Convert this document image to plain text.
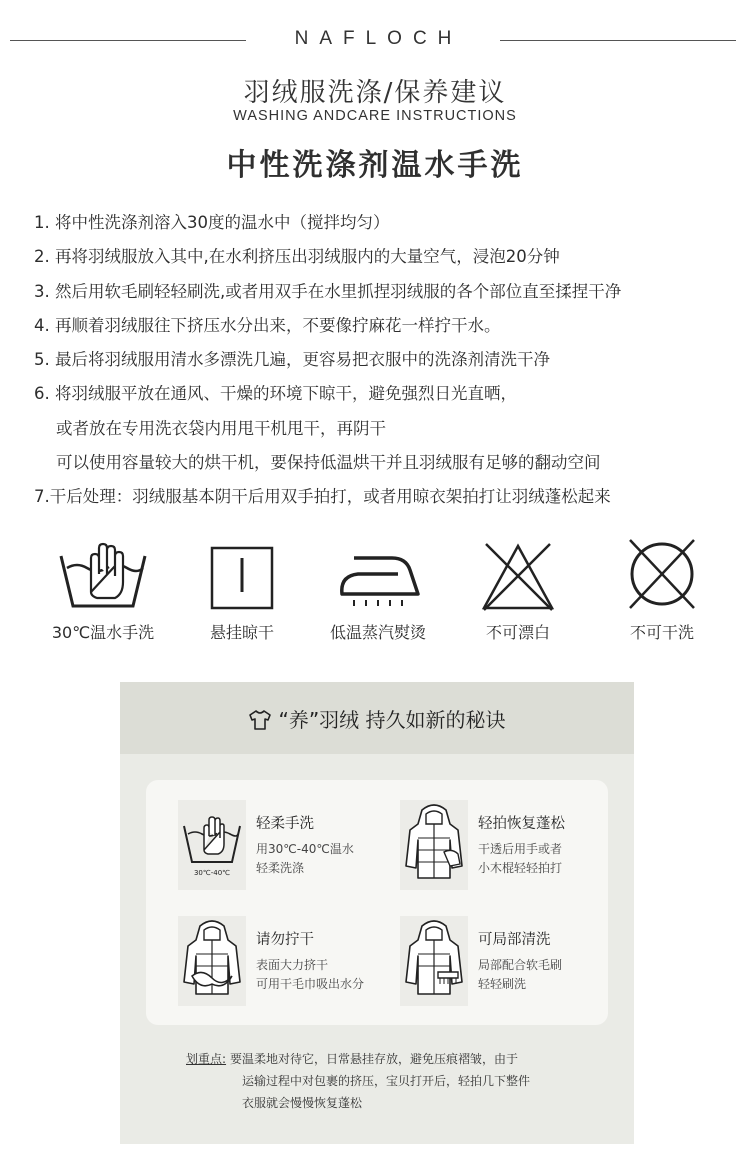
NAFLOCH
羽绒服洗涤/保养建议
WASHING ANDCARE INSTRUCTIONS
中性洗涤剂温水手洗
1. 将中性洗涤剂溶入30度的温水中（搅拌均匀）
2. 再将羽绒服放入其中,在水利挤压出羽绒服内的大量空气，浸泡20分钟
3. 然后用软毛刷轻轻刷洗,或者用双手在水里抓捏羽绒服的各个部位直至揉捏干净
4. 再顺着羽绒服往下挤压水分出来，不要像拧麻花一样拧干水。
5. 最后将羽绒服用清水多漂洗几遍，更容易把衣服中的洗涤剂清洗干净
6. 将羽绒服平放在通风、干燥的环境下晾干，避免强烈日光直晒，
或者放在专用洗衣袋内用甩干机甩干，再阴干
可以使用容量较大的烘干机，要保持低温烘干并且羽绒服有足够的翻动空间
7.干后处理：羽绒服基本阴干后用双手拍打，或者用晾衣架拍打让羽绒蓬松起来
30℃温水手洗	悬挂晾干	低温蒸汽熨烫	不可漂白	不可干洗
“养”羽绒 持久如新的秘诀
30℃-40℃
轻柔手洗
用30℃-40℃温水
轻柔洗涤
轻拍恢复蓬松
干透后用手或者
小木棍轻轻拍打
请勿拧干
表面大力挤干
可用干毛巾吸出水分
可局部清洗
局部配合软毛刷
轻轻刷洗
划重点: 要温柔地对待它，日常悬挂存放，避免压痕褶皱，由于
运输过程中对包裹的挤压，宝贝打开后，轻拍几下整件
衣服就会慢慢恢复蓬松
